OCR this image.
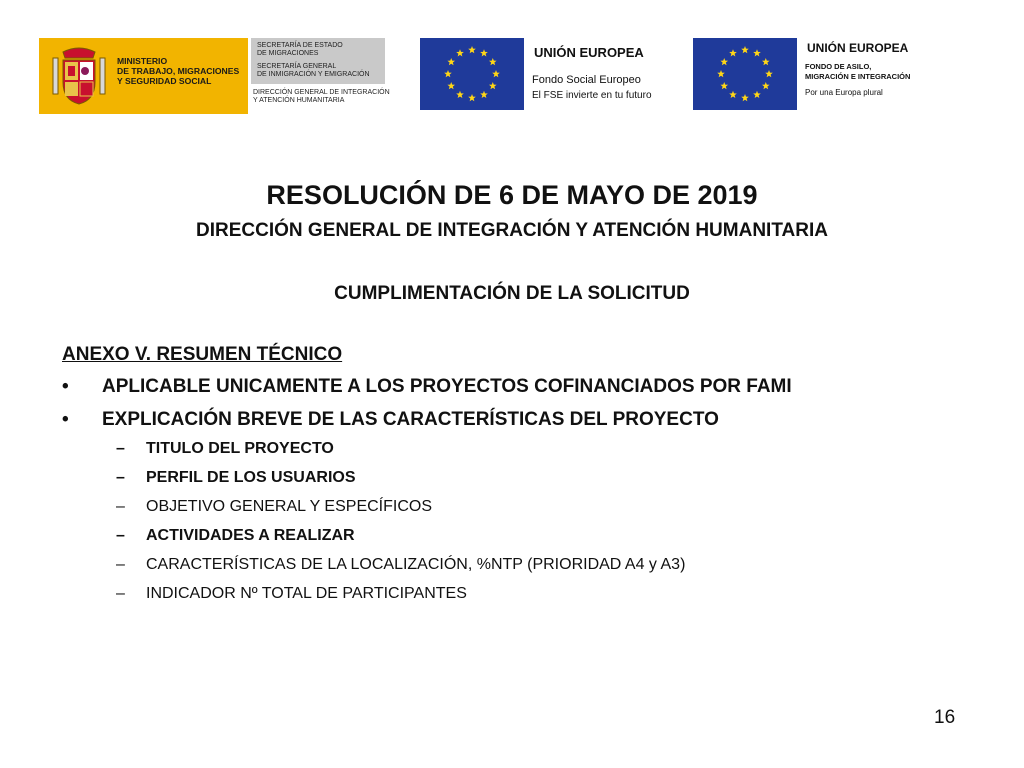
MINISTERIO
DE TRABAJO, MIGRACIONES
Y SEGURIDAD SOCIAL
SECRETARÍA DE ESTADO
DE MIGRACIONES
SECRETARÍA GENERAL
DE INMIGRACIÓN Y EMIGRACIÓN
DIRECCIÓN GENERAL DE INTEGRACIÓN
Y ATENCIÓN HUMANITARIA
UNIÓN EUROPEA
Fondo Social Europeo
El FSE invierte en tu futuro
UNIÓN EUROPEA
FONDO DE ASILO,
MIGRACIÓN E INTEGRACIÓN
Por una Europa plural
RESOLUCIÓN DE 6 DE MAYO DE 2019
DIRECCIÓN GENERAL DE INTEGRACIÓN Y ATENCIÓN HUMANITARIA
CUMPLIMENTACIÓN DE LA SOLICITUD

ANEXO V. RESUMEN TÉCNICO

• APLICABLE UNICAMENTE A LOS PROYECTOS COFINANCIADOS POR FAMI
• EXPLICACIÓN BREVE DE LAS CARACTERÍSTICAS DEL PROYECTO
– TITULO DEL PROYECTO
– PERFIL DE LOS USUARIOS
– OBJETIVO GENERAL Y ESPECÍFICOS
– ACTIVIDADES A REALIZAR
– CARACTERÍSTICAS DE LA LOCALIZACIÓN, %NTP (PRIORIDAD A4 y A3)
– INDICADOR Nº TOTAL DE PARTICIPANTES

16
